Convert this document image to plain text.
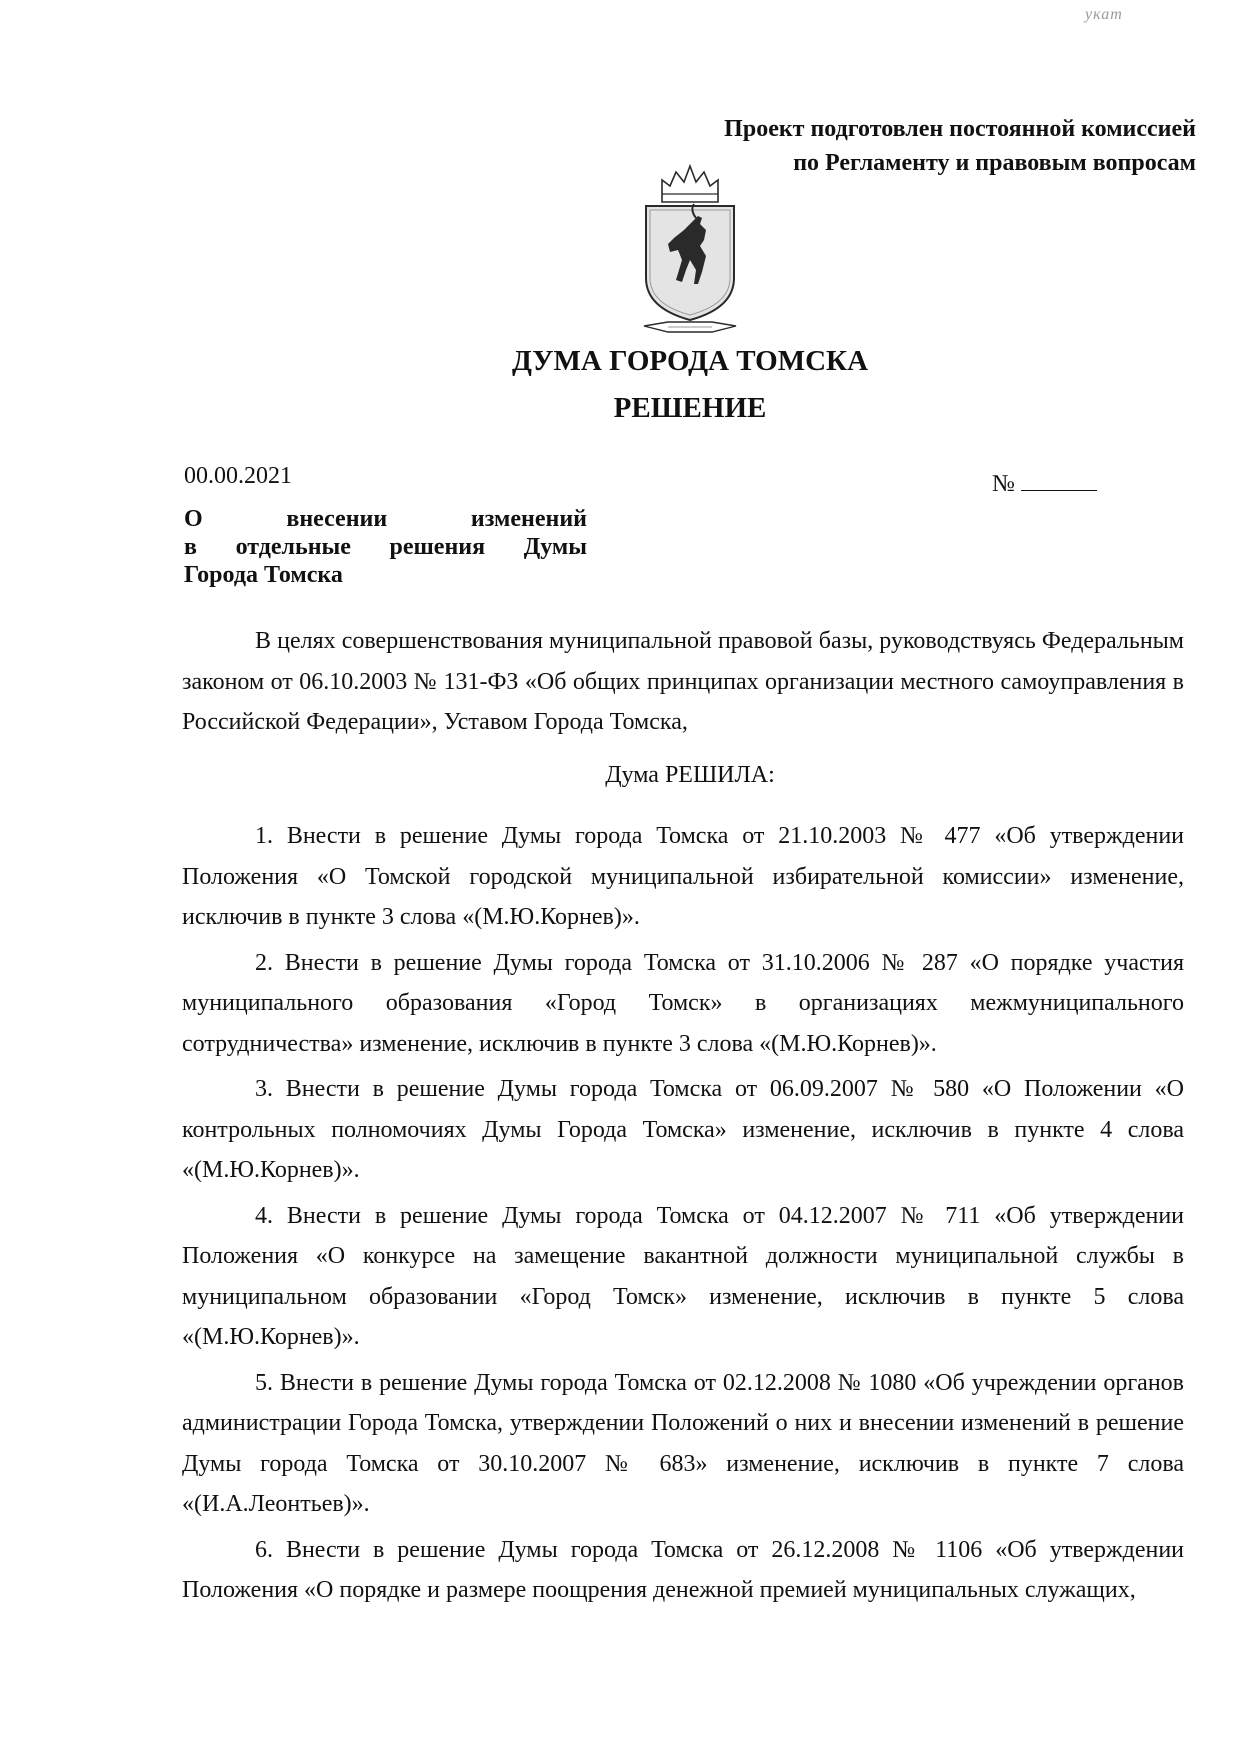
укат
Проект подготовлен постоянной комиссией
по Регламенту и правовым вопросам
ДУМА ГОРОДА ТОМСКА
РЕШЕНИЕ
00.00.2021	№
О внесении изменений
в отдельные решения Думы
Города Томска

В целях совершенствования муниципальной правовой базы, руководствуясь Федеральным законом от 06.10.2003 № 131-ФЗ «Об общих принципах организации местного самоуправления в Российской Федерации», Уставом Города Томска,

Дума РЕШИЛА:

1. Внести в решение Думы города Томска от 21.10.2003 № 477 «Об утверждении Положения «О Томской городской муниципальной избирательной комиссии» изменение, исключив в пункте 3 слова «(М.Ю.Корнев)».

2. Внести в решение Думы города Томска от 31.10.2006 № 287 «О порядке участия муниципального образования «Город Томск» в организациях межмуниципального сотрудничества» изменение, исключив в пункте 3 слова «(М.Ю.Корнев)».

3. Внести в решение Думы города Томска от 06.09.2007 № 580 «О Положении «О контрольных полномочиях Думы Города Томска» изменение, исключив в пункте 4 слова «(М.Ю.Корнев)».

4. Внести в решение Думы города Томска от 04.12.2007 № 711 «Об утверждении Положения «О конкурсе на замещение вакантной должности муниципальной службы в муниципальном образовании «Город Томск» изменение, исключив в пункте 5 слова «(М.Ю.Корнев)».

5. Внести в решение Думы города Томска от 02.12.2008 № 1080 «Об учреждении органов администрации Города Томска, утверждении Положений о них и внесении изменений в решение Думы города Томска от 30.10.2007 № 683» изменение, исключив в пункте 7 слова «(И.А.Леонтьев)».

6. Внести в решение Думы города Томска от 26.12.2008 № 1106 «Об утверждении Положения «О порядке и размере поощрения денежной премией муниципальных служащих,
